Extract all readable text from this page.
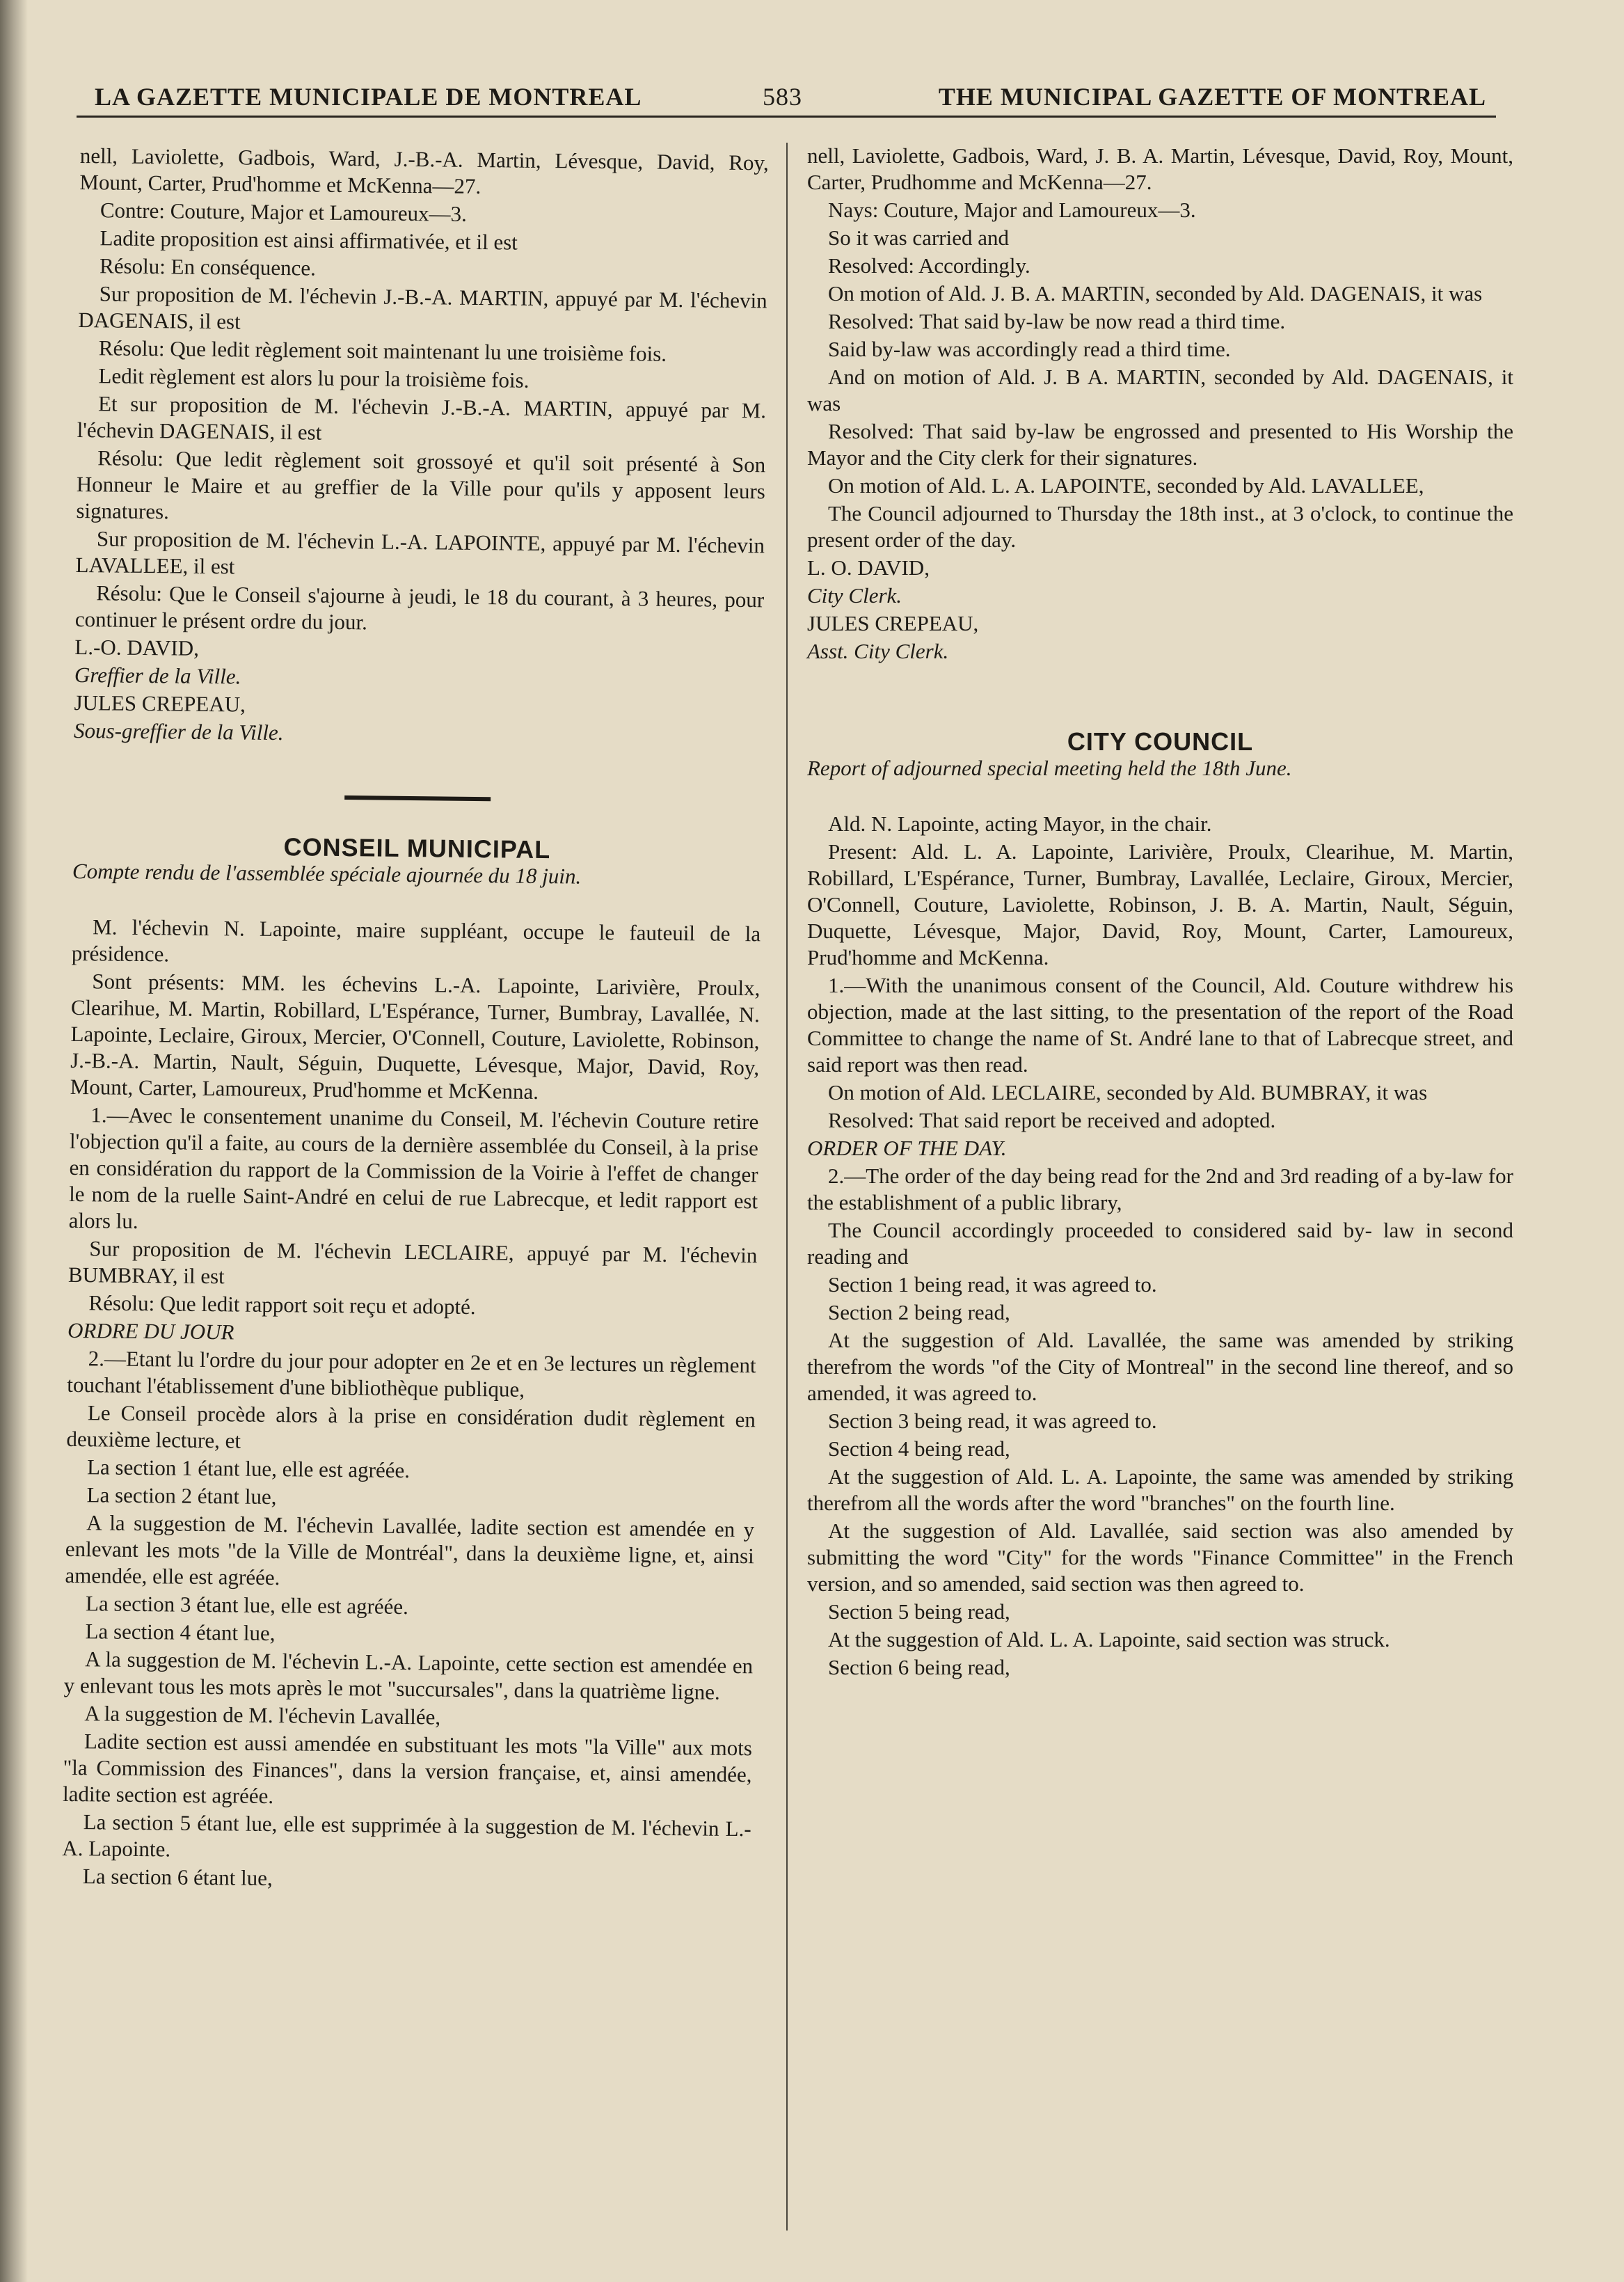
LA GAZETTE MUNICIPALE DE MONTREAL	583	THE MUNICIPAL GAZETTE OF MONTREAL

nell, Laviolette, Gadbois, Ward, J.-B.-A. Martin, Lévesque, David, Roy, Mount, Carter, Prud'homme et McKenna—27.

Contre: Couture, Major et Lamoureux—3.

Ladite proposition est ainsi affirmativée, et il est

Résolu: En conséquence.

Sur proposition de M. l'échevin J.-B.-A. MARTIN, appuyé par M. l'échevin DAGENAIS, il est

Résolu: Que ledit règlement soit maintenant lu une troisième fois.

Ledit règlement est alors lu pour la troisième fois.

Et sur proposition de M. l'échevin J.-B.-A. MARTIN, appuyé par M. l'échevin DAGENAIS, il est

Résolu: Que ledit règlement soit grossoyé et qu'il soit présenté à Son Honneur le Maire et au greffier de la Ville pour qu'ils y apposent leurs signatures.

Sur proposition de M. l'échevin L.-A. LAPOINTE, appuyé par M. l'échevin LAVALLEE, il est

Résolu: Que le Conseil s'ajourne à jeudi, le 18 du courant, à 3 heures, pour continuer le présent ordre du jour.

L.-O. DAVID,

Greffier de la Ville.

JULES CREPEAU,

Sous-greffier de la Ville.

CONSEIL MUNICIPAL

Compte rendu de l'assemblée spéciale ajournée du 18 juin.

M. l'échevin N. Lapointe, maire suppléant, occupe le fauteuil de la présidence.

Sont présents: MM. les échevins L.-A. Lapointe, Larivière, Proulx, Clearihue, M. Martin, Robillard, L'Espérance, Turner, Bumbray, Lavallée, N. Lapointe, Leclaire, Giroux, Mercier, O'Connell, Couture, Laviolette, Robinson, J.-B.-A. Martin, Nault, Séguin, Duquette, Lévesque, Major, David, Roy, Mount, Carter, Lamoureux, Prud'homme et McKenna.

1.—Avec le consentement unanime du Conseil, M. l'échevin Couture retire l'objection qu'il a faite, au cours de la dernière assemblée du Conseil, à la prise en considération du rapport de la Commission de la Voirie à l'effet de changer le nom de la ruelle Saint-André en celui de rue Labrecque, et ledit rapport est alors lu.

Sur proposition de M. l'échevin LECLAIRE, appuyé par M. l'échevin BUMBRAY, il est

Résolu: Que ledit rapport soit reçu et adopté.

ORDRE DU JOUR

2.—Etant lu l'ordre du jour pour adopter en 2e et en 3e lectures un règlement touchant l'établissement d'une bibliothèque publique,

Le Conseil procède alors à la prise en considération dudit règlement en deuxième lecture, et

La section 1 étant lue, elle est agréée.

La section 2 étant lue,

A la suggestion de M. l'échevin Lavallée, ladite section est amendée en y enlevant les mots "de la Ville de Montréal", dans la deuxième ligne, et, ainsi amendée, elle est agréée.

La section 3 étant lue, elle est agréée.

La section 4 étant lue,

A la suggestion de M. l'échevin L.-A. Lapointe, cette section est amendée en y enlevant tous les mots après le mot "succursales", dans la quatrième ligne.

A la suggestion de M. l'échevin Lavallée,

Ladite section est aussi amendée en substituant les mots "la Ville" aux mots "la Commission des Finances", dans la version française, et, ainsi amendée, ladite section est agréée.

La section 5 étant lue, elle est supprimée à la suggestion de M. l'échevin L.-A. Lapointe.

La section 6 étant lue,

nell, Laviolette, Gadbois, Ward, J. B. A. Martin, Lévesque, David, Roy, Mount, Carter, Prudhomme and McKenna—27.

Nays: Couture, Major and Lamoureux—3.

So it was carried and

Resolved: Accordingly.

On motion of Ald. J. B. A. MARTIN, seconded by Ald. DAGENAIS, it was

Resolved: That said by-law be now read a third time.

Said by-law was accordingly read a third time.

And on motion of Ald. J. B A. MARTIN, seconded by Ald. DAGENAIS, it was

Resolved: That said by-law be engrossed and presented to His Worship the Mayor and the City clerk for their signatures.

On motion of Ald. L. A. LAPOINTE, seconded by Ald. LAVALLEE,

The Council adjourned to Thursday the 18th inst., at 3 o'clock, to continue the present order of the day.

L. O. DAVID,

City Clerk.

JULES CREPEAU,

Asst. City Clerk.

CITY COUNCIL

Report of adjourned special meeting held the 18th June.

Ald. N. Lapointe, acting Mayor, in the chair.

Present: Ald. L. A. Lapointe, Larivière, Proulx, Clearihue, M. Martin, Robillard, L'Espérance, Turner, Bumbray, Lavallée, Leclaire, Giroux, Mercier, O'Connell, Couture, Laviolette, Robinson, J. B. A. Martin, Nault, Séguin, Duquette, Lévesque, Major, David, Roy, Mount, Carter, Lamoureux, Prud'homme and McKenna.

1.—With the unanimous consent of the Council, Ald. Couture withdrew his objection, made at the last sitting, to the presentation of the report of the Road Committee to change the name of St. André lane to that of Labrecque street, and said report was then read.

On motion of Ald. LECLAIRE, seconded by Ald. BUMBRAY, it was

Resolved: That said report be received and adopted.

ORDER OF THE DAY.

2.—The order of the day being read for the 2nd and 3rd reading of a by-law for the establishment of a public library,

The Council accordingly proceeded to considered said by- law in second reading and

Section 1 being read, it was agreed to.

Section 2 being read,

At the suggestion of Ald. Lavallée, the same was amended by striking therefrom the words "of the City of Montreal" in the second line thereof, and so amended, it was agreed to.

Section 3 being read, it was agreed to.

Section 4 being read,

At the suggestion of Ald. L. A. Lapointe, the same was amended by striking therefrom all the words after the word "branches" on the fourth line.

At the suggestion of Ald. Lavallée, said section was also amended by submitting the word "City" for the words "Finance Committee" in the French version, and so amended, said section was then agreed to.

Section 5 being read,

At the suggestion of Ald. L. A. Lapointe, said section was struck.

Section 6 being read,
